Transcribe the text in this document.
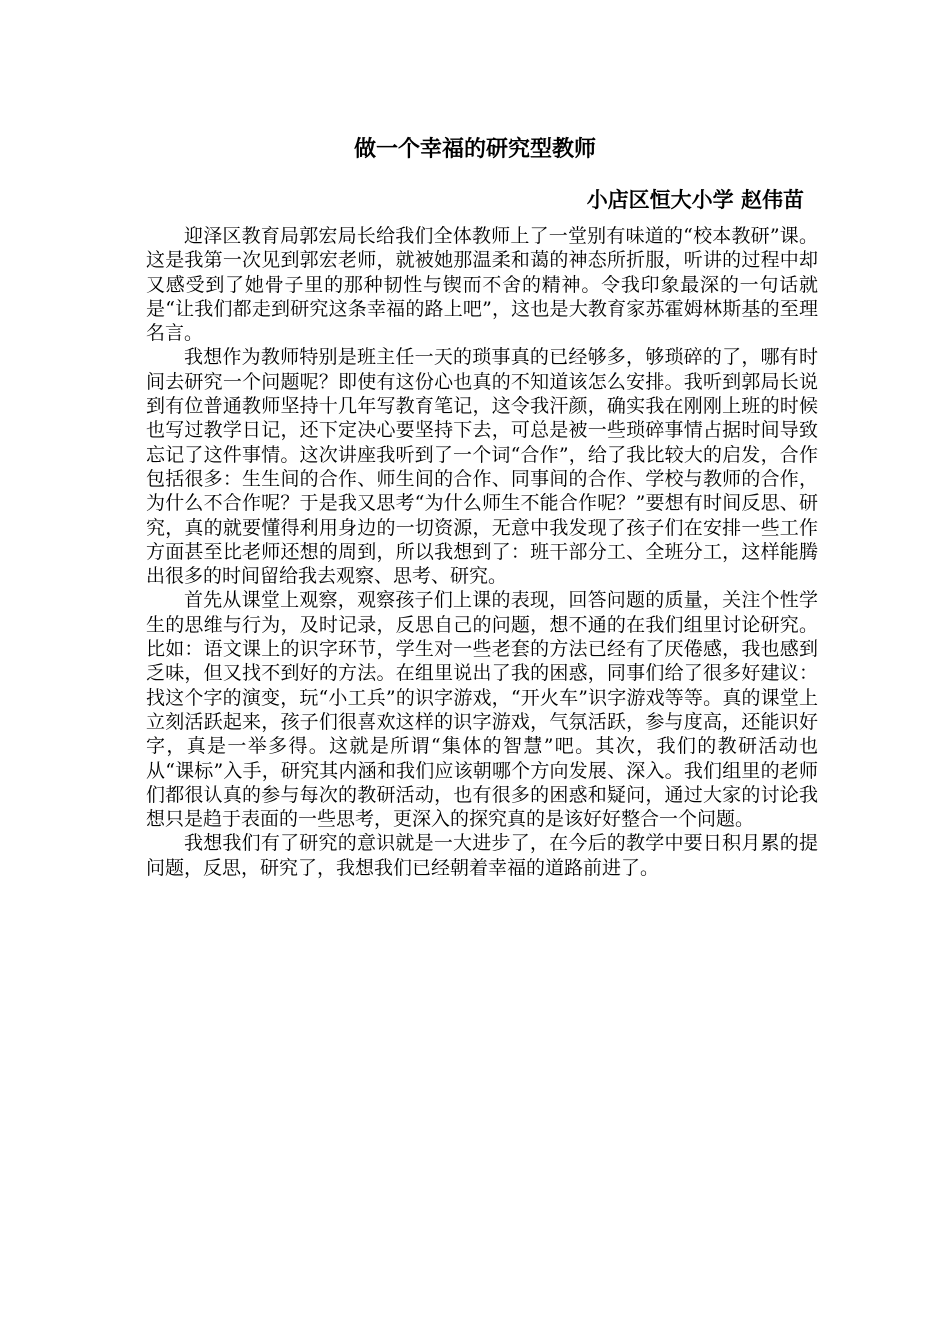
做一个幸福的研究型教师
小店区恒大小学 赵伟苗

迎泽区教育局郭宏局长给我们全体教师上了一堂别有味道的“校本教研”课。这是我第一次见到郭宏老师，就被她那温柔和蔼的神态所折服，听讲的过程中却又感受到了她骨子里的那种韧性与锲而不舍的精神。令我印象最深的一句话就是“让我们都走到研究这条幸福的路上吧”，这也是大教育家苏霍姆林斯基的至理名言。

我想作为教师特别是班主任一天的琐事真的已经够多，够琐碎的了，哪有时间去研究一个问题呢？即使有这份心也真的不知道该怎么安排。我听到郭局长说到有位普通教师坚持十几年写教育笔记，这令我汗颜，确实我在刚刚上班的时候也写过教学日记，还下定决心要坚持下去，可总是被一些琐碎事情占据时间导致忘记了这件事情。这次讲座我听到了一个词“合作”，给了我比较大的启发，合作包括很多：生生间的合作、师生间的合作、同事间的合作、学校与教师的合作，为什么不合作呢？于是我又思考“为什么师生不能合作呢？”要想有时间反思、研究，真的就要懂得利用身边的一切资源，无意中我发现了孩子们在安排一些工作方面甚至比老师还想的周到，所以我想到了：班干部分工、全班分工，这样能腾出很多的时间留给我去观察、思考、研究。

首先从课堂上观察，观察孩子们上课的表现，回答问题的质量，关注个性学生的思维与行为，及时记录，反思自己的问题，想不通的在我们组里讨论研究。比如：语文课上的识字环节，学生对一些老套的方法已经有了厌倦感，我也感到乏味，但又找不到好的方法。在组里说出了我的困惑，同事们给了很多好建议：找这个字的演变，玩“小工兵”的识字游戏，“开火车”识字游戏等等。真的课堂上立刻活跃起来，孩子们很喜欢这样的识字游戏，气氛活跃，参与度高，还能识好字，真是一举多得。这就是所谓“集体的智慧”吧。其次，我们的教研活动也从“课标”入手，研究其内涵和我们应该朝哪个方向发展、深入。我们组里的老师们都很认真的参与每次的教研活动，也有很多的困惑和疑问，通过大家的讨论我想只是趋于表面的一些思考，更深入的探究真的是该好好整合一个问题。

我想我们有了研究的意识就是一大进步了，在今后的教学中要日积月累的提问题，反思，研究了，我想我们已经朝着幸福的道路前进了。
